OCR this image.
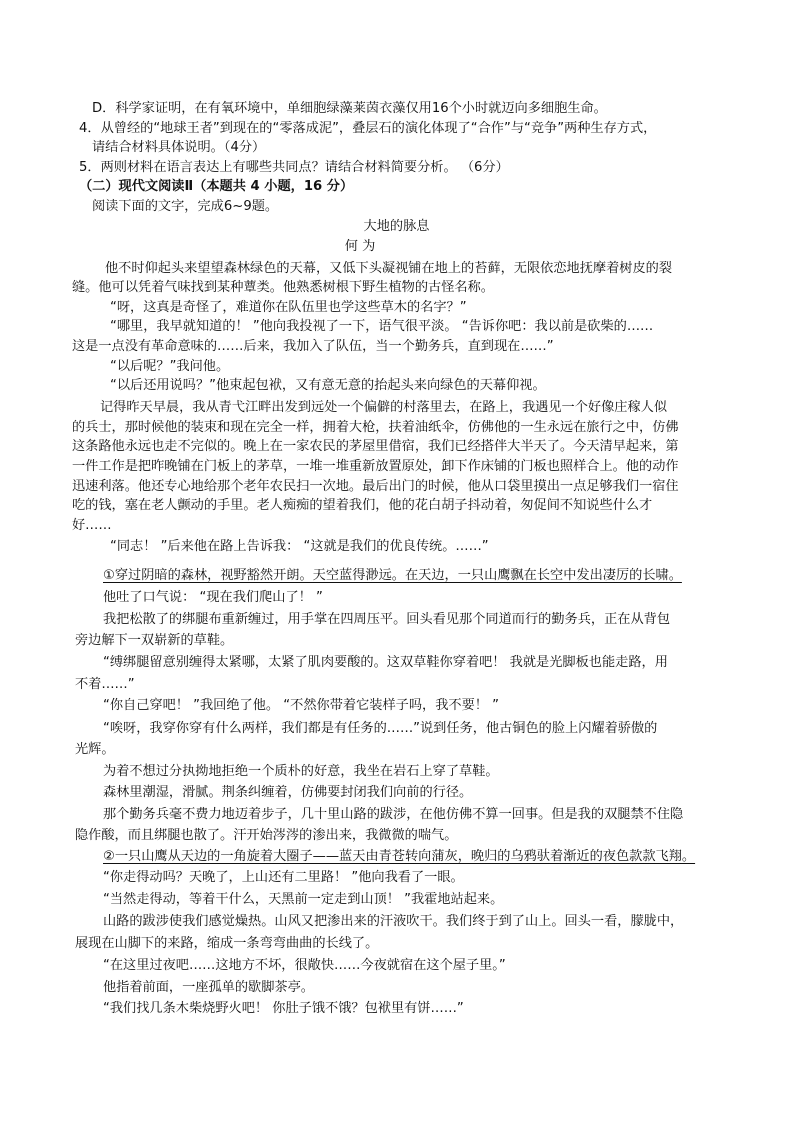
D．科学家证明，在有氧环境中，单细胞绿藻莱茵衣藻仅用16个小时就迈向多细胞生命。
4．从曾经的“地球王者”到现在的“零落成泥”，叠层石的演化体现了“合作”与“竞争”两种生存方式，
请结合材料具体说明。（4分）
5．两则材料在语言表达上有哪些共同点？请结合材料简要分析。 （6分）
（二）现代文阅读Ⅱ（本题共 4 小题，16 分）
阅读下面的文字，完成6~9题。
大地的脉息
何 为
他不时仰起头来望望森林绿色的天幕，又低下头凝视铺在地上的苔藓，无限依恋地抚摩着树皮的裂
缝。他可以凭着气味找到某种蕈类。他熟悉树根下野生植物的古怪名称。
“呀，这真是奇怪了，难道你在队伍里也学这些草木的名字？”
“哪里，我早就知道的！ ”他向我投视了一下，语气很平淡。 “告诉你吧：我以前是砍柴的……
这是一点没有革命意味的……后来，我加入了队伍，当一个勤务兵，直到现在……”
“以后呢？”我问他。
“以后还用说吗？”他束起包袱，又有意无意的抬起头来向绿色的天幕仰视。
记得昨天早晨，我从青弋江畔出发到远处一个偏僻的村落里去，在路上，我遇见一个好像庄稼人似
的兵士，那时候他的装束和现在完全一样，拥着大枪，扶着油纸伞，仿佛他的一生永远在旅行之中，仿佛
这条路他永远也走不完似的。晚上在一家农民的茅屋里借宿，我们已经搭伴大半天了。今天清早起来，第
一件工作是把昨晚铺在门板上的茅草，一堆一堆重新放置原处，卸下作床铺的门板也照样合上。他的动作
迅速利落。他还专心地给那个老年农民扫一次地。最后出门的时候，他从口袋里摸出一点足够我们一宿住
吃的钱，塞在老人颤动的手里。老人痴痴的望着我们，他的花白胡子抖动着，匆促间不知说些什么才
好……
“同志！ ”后来他在路上告诉我： “这就是我们的优良传统。……”
①穿过阴暗的森林，视野豁然开朗。天空蓝得渺远。在天边，一只山鹰飘在长空中发出凄厉的长啸。
他吐了口气说： “现在我们爬山了！ ”
我把松散了的绑腿布重新缠过，用手掌在四周压平。回头看见那个同道而行的勤务兵，正在从背包
旁边解下一双崭新的草鞋。
“缚绑腿留意别缠得太紧哪，太紧了肌肉要酸的。这双草鞋你穿着吧！ 我就是光脚板也能走路，用
不着……”
“你自己穿吧！ ”我回绝了他。 “不然你带着它装样子吗，我不要！ ”
“唉呀，我穿你穿有什么两样，我们都是有任务的……”说到任务，他古铜色的脸上闪耀着骄傲的
光辉。
为着不想过分执拗地拒绝一个质朴的好意，我坐在岩石上穿了草鞋。
森林里潮湿，滑腻。荆条纠缠着，仿佛要封闭我们向前的行径。
那个勤务兵毫不费力地迈着步子，几十里山路的跋涉，在他仿佛不算一回事。但是我的双腿禁不住隐
隐作酸，而且绑腿也散了。汗开始涔涔的渗出来，我微微的喘气。
②一只山鹰从天边的一角旋着大圈子——蓝天由青苍转向蒲灰，晚归的乌鸦驮着渐近的夜色款款飞翔。
“你走得动吗？天晚了，上山还有二里路！ ”他向我看了一眼。
“当然走得动，等着干什么，天黑前一定走到山顶！ ”我霍地站起来。
山路的跋涉使我们感觉燥热。山风又把渗出来的汗液吹干。我们终于到了山上。回头一看，朦胧中，
展现在山脚下的来路，缩成一条弯弯曲曲的长线了。
“在这里过夜吧……这地方不坏，很敞快……今夜就宿在这个屋子里。”
他指着前面，一座孤单的歇脚茶亭。
“我们找几条木柴烧野火吧！ 你肚子饿不饿？包袱里有饼……”
